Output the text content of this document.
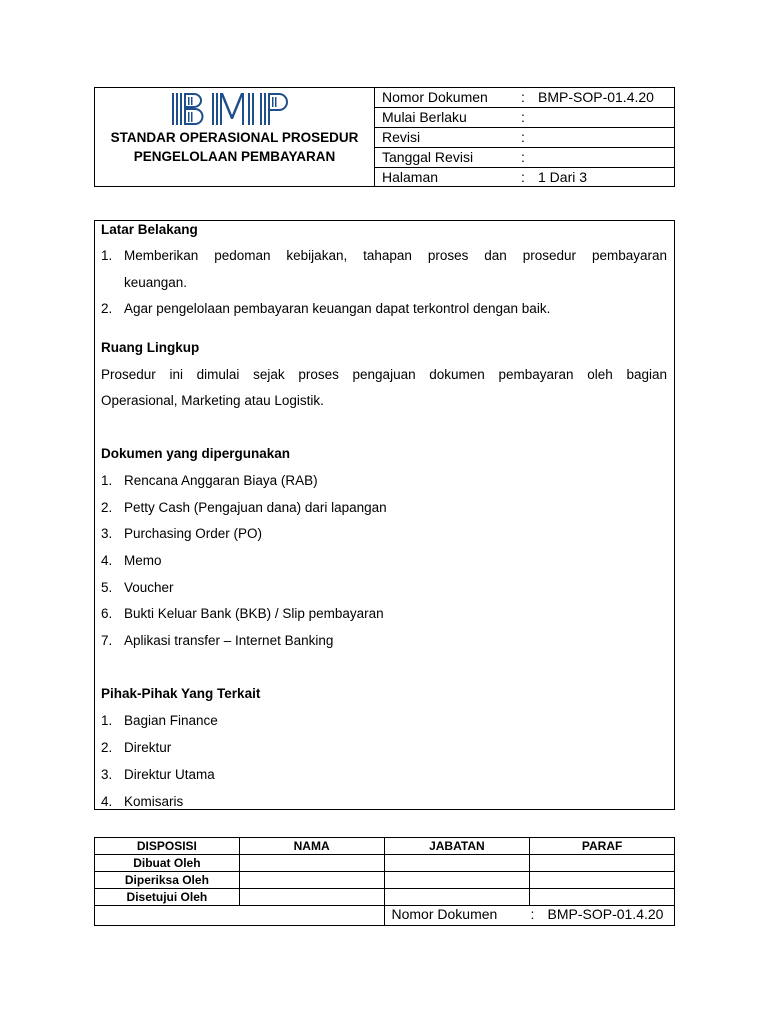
STANDAR OPERASIONAL PROSEDUR
PENGELOLAAN PEMBAYARAN
Nomor Dokumen : BMP-SOP-01.4.20
Mulai Berlaku	:
Revisi	:
Tanggal Revisi	:
Halaman	: 1 Dari 3
Latar Belakang
1. Memberikan pedoman kebijakan, tahapan proses dan prosedur pembayaran
keuangan.
2. Agar pengelolaan pembayaran keuangan dapat terkontrol dengan baik.
Ruang Lingkup
Prosedur ini dimulai sejak proses pengajuan dokumen pembayaran oleh bagian
Operasional, Marketing atau Logistik.
Dokumen yang dipergunakan
1. Rencana Anggaran Biaya (RAB)
2. Petty Cash (Pengajuan dana) dari lapangan
3. Purchasing Order (PO)
4. Memo
5. Voucher
6. Bukti Keluar Bank (BKB) / Slip pembayaran
7. Aplikasi transfer – Internet Banking
Pihak-Pihak Yang Terkait
1. Bagian Finance
2. Direktur
3. Direktur Utama
4. Komisaris
DISPOSISI	NAMA	JABATAN	PARAF
Dibuat Oleh			
Diperiksa Oleh			
Disetujui Oleh			

		Nomor Dokumen : BMP-SOP-01.4.20	
